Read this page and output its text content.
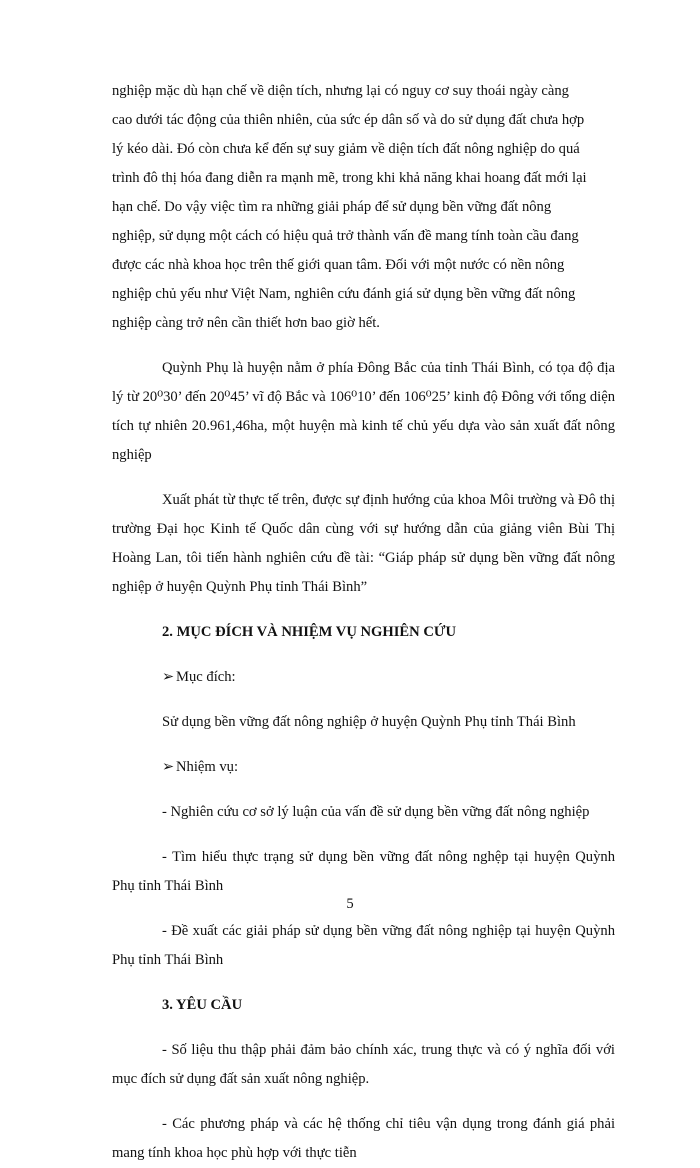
nghiệp mặc dù hạn chế về diện tích, nhưng lại có nguy cơ suy thoái ngày càng
cao dưới tác động của thiên nhiên, của sức ép dân số và do sử dụng đất chưa hợp
lý kéo dài. Đó còn chưa kể đến sự suy giảm về diện tích đất nông nghiệp do quá
trình đô thị hóa đang diễn ra mạnh mẽ, trong khi khả năng khai hoang đất mới lại
hạn chế. Do vậy việc tìm ra những giải pháp để sử dụng bền vững đất nông
nghiệp, sử dụng một cách có hiệu quả trở thành vấn đề mang tính toàn cầu đang
được các nhà khoa học trên thế giới quan tâm. Đối với một nước có nền nông
nghiệp chủ yếu như Việt Nam, nghiên cứu đánh giá sử dụng bền vững đất nông
nghiệp càng trở nên cần thiết hơn bao giờ hết.

Quỳnh Phụ là huyện nằm ở phía Đông Bắc của tỉnh Thái Bình, có tọa độ địa lý từ 20⁰30’ đến 20⁰45’ vĩ độ Bắc và 106⁰10’ đến 106⁰25’ kinh độ Đông với tổng diện tích tự nhiên 20.961,46ha, một huyện mà kinh tế chủ yếu dựa vào sản xuất đất nông nghiệp

Xuất phát từ thực tế trên, được sự định hướng của khoa Môi trường và Đô thị trường Đại học Kinh tế Quốc dân cùng với sự hướng dẫn của giảng viên Bùi Thị Hoàng Lan, tôi tiến hành nghiên cứu đề tài: “Giáp pháp sử dụng bền vững đất nông nghiệp ở huyện Quỳnh Phụ tỉnh Thái Bình”

2. MỤC ĐÍCH VÀ NHIỆM VỤ NGHIÊN CỨU

➢ Mục đích:

Sử dụng bền vững đất nông nghiệp ở huyện Quỳnh Phụ tỉnh Thái Bình

➢ Nhiệm vụ:

- Nghiên cứu cơ sở lý luận của vấn đề sử dụng bền vững đất nông nghiệp

- Tìm hiểu thực trạng sử dụng bền vững đất nông nghệp tại huyện Quỳnh Phụ tỉnh Thái Bình

- Đề xuất các giải pháp sử dụng bền vững đất nông nghiệp tại huyện Quỳnh Phụ tỉnh Thái Bình

3. YÊU CẦU

- Số liệu thu thập phải đảm bảo chính xác, trung thực và có ý nghĩa đối với mục đích sử dụng đất sản xuất nông nghiệp.

- Các phương pháp và các hệ thống chỉ tiêu vận dụng trong đánh giá phải mang tính khoa học phù hợp với thực tiễn

5
